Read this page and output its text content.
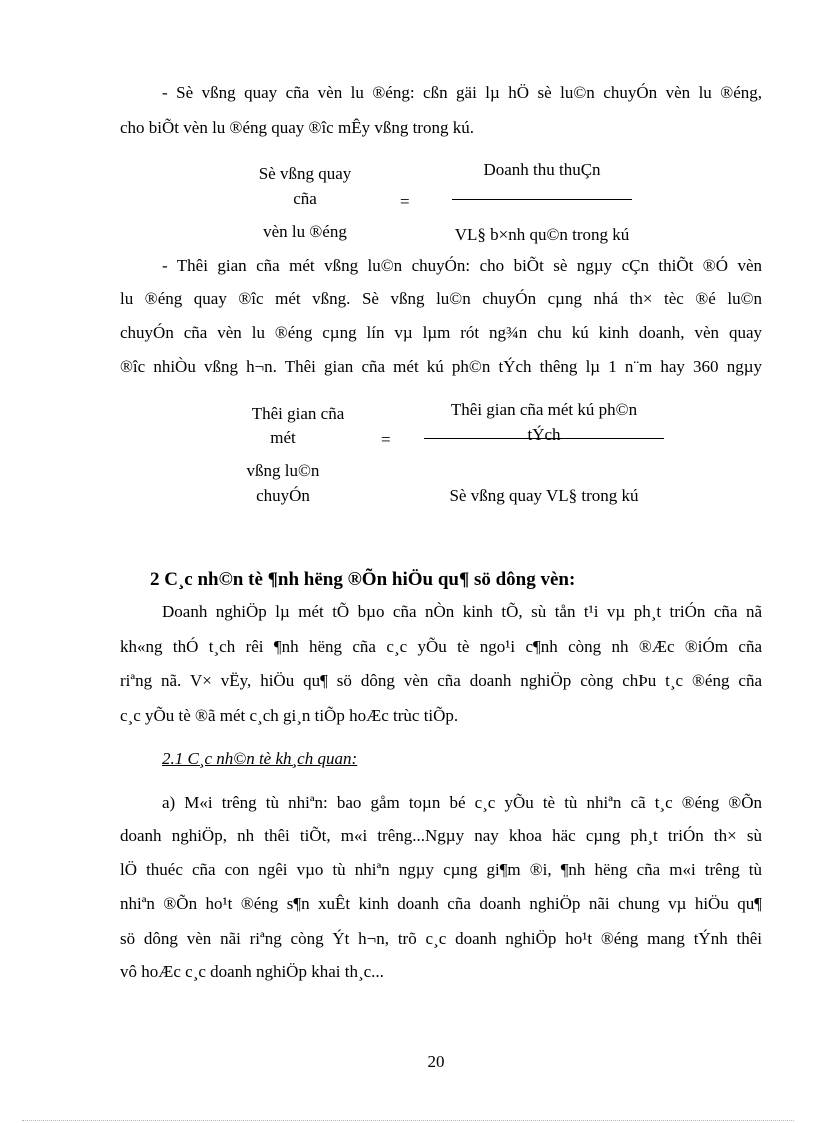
- Sè vßng quay cña vèn lu ®éng: cßn gäi lµ hÖ sè lu©n chuyÓn vèn lu ®éng,
cho biÕt vèn lu ®éng quay ®îc mÊy vßng trong kú.
Sè vßng quay
cña
vèn lu ®éng
=
Doanh thu thuÇn
VL§ b×nh qu©n trong kú
- Thêi gian cña mét vßng lu©n chuyÓn: cho biÕt sè ngµy cÇn thiÕt ®Ó vèn
lu ®éng quay ®îc mét vßng. Sè vßng lu©n chuyÓn cµng nhá th× tèc ®é lu©n
chuyÓn cña vèn lu ®éng cµng lín vµ lµm rót ng¾n chu kú kinh doanh, vèn quay
®îc nhiÒu vßng h¬n. Thêi gian cña mét kú ph©n tÝch thêng lµ 1 n¨m hay 360 ngµy
Thêi gian cña
mét
vßng lu©n
chuyÓn
=
Thêi gian cña mét kú ph©n
tÝch
Sè vßng quay VL§ trong kú
2 C¸c nh©n tè ¶nh hëng ®Õn hiÖu qu¶ sö dông vèn:
Doanh nghiÖp lµ mét tÕ bµo cña nÒn kinh tÕ, sù tån t¹i vµ ph¸t triÓn cña nã
kh«ng thÓ t¸ch rêi ¶nh hëng cña c¸c yÕu tè ngo¹i c¶nh còng nh ®Æc ®iÓm cña
riªng nã. V× vËy, hiÖu qu¶ sö dông vèn cña doanh nghiÖp còng chÞu t¸c ®éng cña
c¸c yÕu tè ®ã mét c¸ch gi¸n tiÕp hoÆc trùc tiÕp.
2.1 C¸c nh©n tè kh¸ch quan:
a) M«i trêng tù nhiªn: bao gåm toµn bé c¸c yÕu tè tù nhiªn cã t¸c ®éng ®Õn
doanh nghiÖp, nh thêi tiÕt, m«i trêng...Ngµy nay khoa häc cµng ph¸t triÓn th× sù
lÖ thuéc cña con ngêi vµo tù nhiªn ngµy cµng gi¶m ®i, ¶nh hëng cña m«i trêng tù
nhiªn ®Õn ho¹t ®éng s¶n xuÊt kinh doanh cña doanh nghiÖp nãi chung vµ hiÖu qu¶
sö dông vèn nãi riªng còng Ýt h¬n, trõ c¸c doanh nghiÖp ho¹t ®éng mang tÝnh thêi
vô hoÆc c¸c doanh nghiÖp khai th¸c...
20
